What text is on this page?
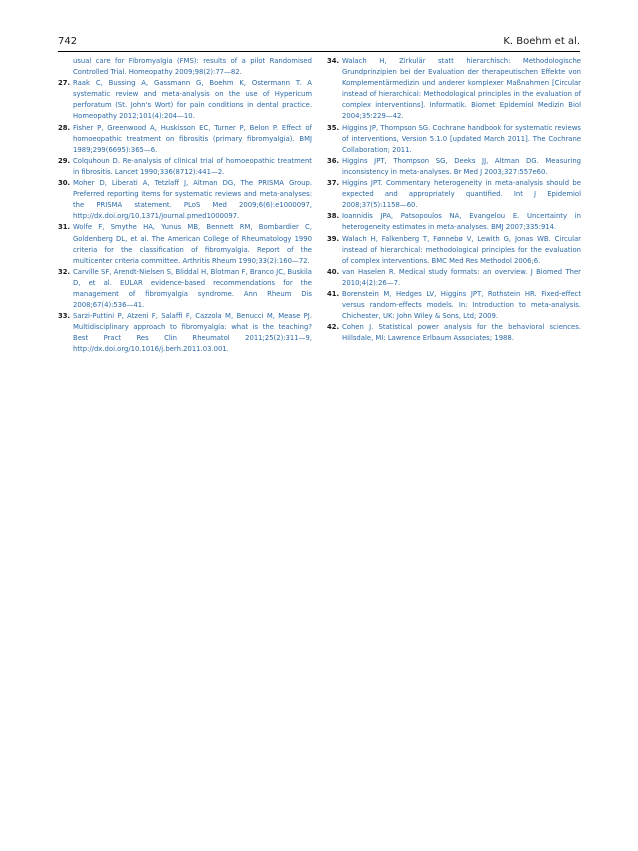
742	K. Boehm et al.
usual care for Fibromyalgia (FMS): results of a pilot Randomised Controlled Trial. Homeopathy 2009;98(2):77—82.
27. Raak C, Bussing A, Gassmann G, Boehm K, Ostermann T. A systematic review and meta-analysis on the use of Hypericum perforatum (St. John's Wort) for pain conditions in dental practice. Homeopathy 2012;101(4):204—10.
28. Fisher P, Greenwood A, Huskisson EC, Turner P, Belon P. Effect of homoeopathic treatment on fibrositis (primary fibromyalgia). BMJ 1989;299(6695):365—6.
29. Colquhoun D. Re-analysis of clinical trial of homoeopathic treatment in fibrositis. Lancet 1990;336(8712):441—2.
30. Moher D, Liberati A, Tetzlaff J, Altman DG, The PRISMA Group. Preferred reporting items for systematic reviews and meta-analyses: the PRISMA statement. PLoS Med 2009;6(6):e1000097, http://dx.doi.org/10.1371/journal.pmed1000097.
31. Wolfe F, Smythe HA, Yunus MB, Bennett RM, Bombardier C, Goldenberg DL, et al. The American College of Rheumatology 1990 criteria for the classification of fibromyalgia. Report of the multicenter criteria committee. Arthritis Rheum 1990;33(2):160—72.
32. Carville SF, Arendt-Nielsen S, Bliddal H, Blotman F, Branco JC, Buskila D, et al. EULAR evidence-based recommendations for the management of fibromyalgia syndrome. Ann Rheum Dis 2008;67(4):536—41.
33. Sarzi-Puttini P, Atzeni F, Salaffi F, Cazzola M, Benucci M, Mease PJ. Multidisciplinary approach to fibromyalgia: what is the teaching? Best Pract Res Clin Rheumatol 2011;25(2):311—9, http://dx.doi.org/10.1016/j.berh.2011.03.001.
34. Walach H, Zirkulär statt hierarchisch: Methodologische Grundprinzipien bei der Evaluation der therapeutischen Effekte von Komplementärmedizin und anderer komplexer Maßnahmen [Circular instead of hierarchical: Methodological principles in the evaluation of complex interventions]. Informatik. Biomet Epidemiol Medizin Biol 2004;35:229—42.
35. Higgins JP, Thompson SG. Cochrane handbook for systematic reviews of interventions, Version 5.1.0 [updated March 2011]. The Cochrane Collaboration; 2011.
36. Higgins JPT, Thompson SG, Deeks JJ, Altman DG. Measuring inconsistency in meta-analyses. Br Med J 2003;327:557e60.
37. Higgins JPT. Commentary heterogeneity in meta-analysis should be expected and appropriately quantified. Int J Epidemiol 2008;37(5):1158—60.
38. Ioannidis JPA, Patsopoulos NA, Evangelou E. Uncertainty in heterogeneity estimates in meta-analyses. BMJ 2007;335:914.
39. Walach H, Falkenberg T, Fønnebø V, Lewith G, Jonas WB. Circular instead of hierarchical: methodological principles for the evaluation of complex interventions. BMC Med Res Methodol 2006;6.
40. van Haselen R. Medical study formats: an overview. J Biomed Ther 2010;4(2):26—7.
41. Borenstein M, Hedges LV, Higgins JPT, Rothstein HR. Fixed-effect versus random-effects models. In: Introduction to meta-analysis. Chichester, UK: John Wiley & Sons, Ltd; 2009.
42. Cohen J. Statistical power analysis for the behavioral sciences. Hillsdale, MI: Lawrence Erlbaum Associates; 1988.
